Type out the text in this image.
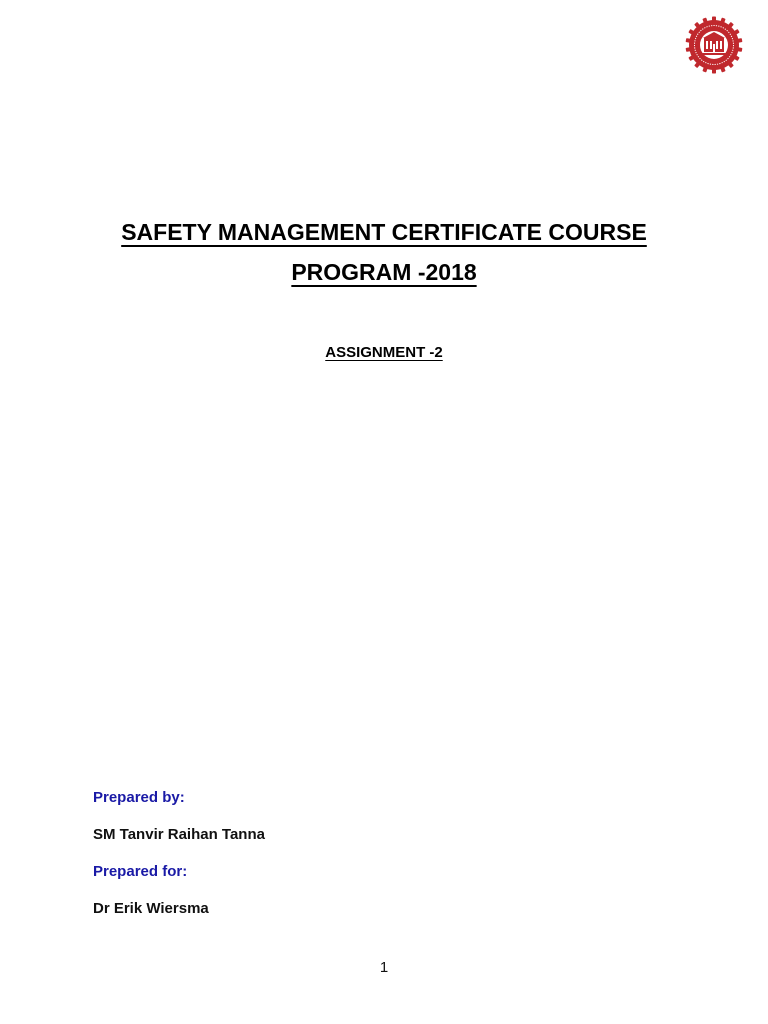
SAFETY MANAGEMENT CERTIFICATE COURSE
PROGRAM -2018
ASSIGNMENT -2
Prepared by:
SM Tanvir Raihan Tanna
Prepared for:
Dr Erik Wiersma
1
